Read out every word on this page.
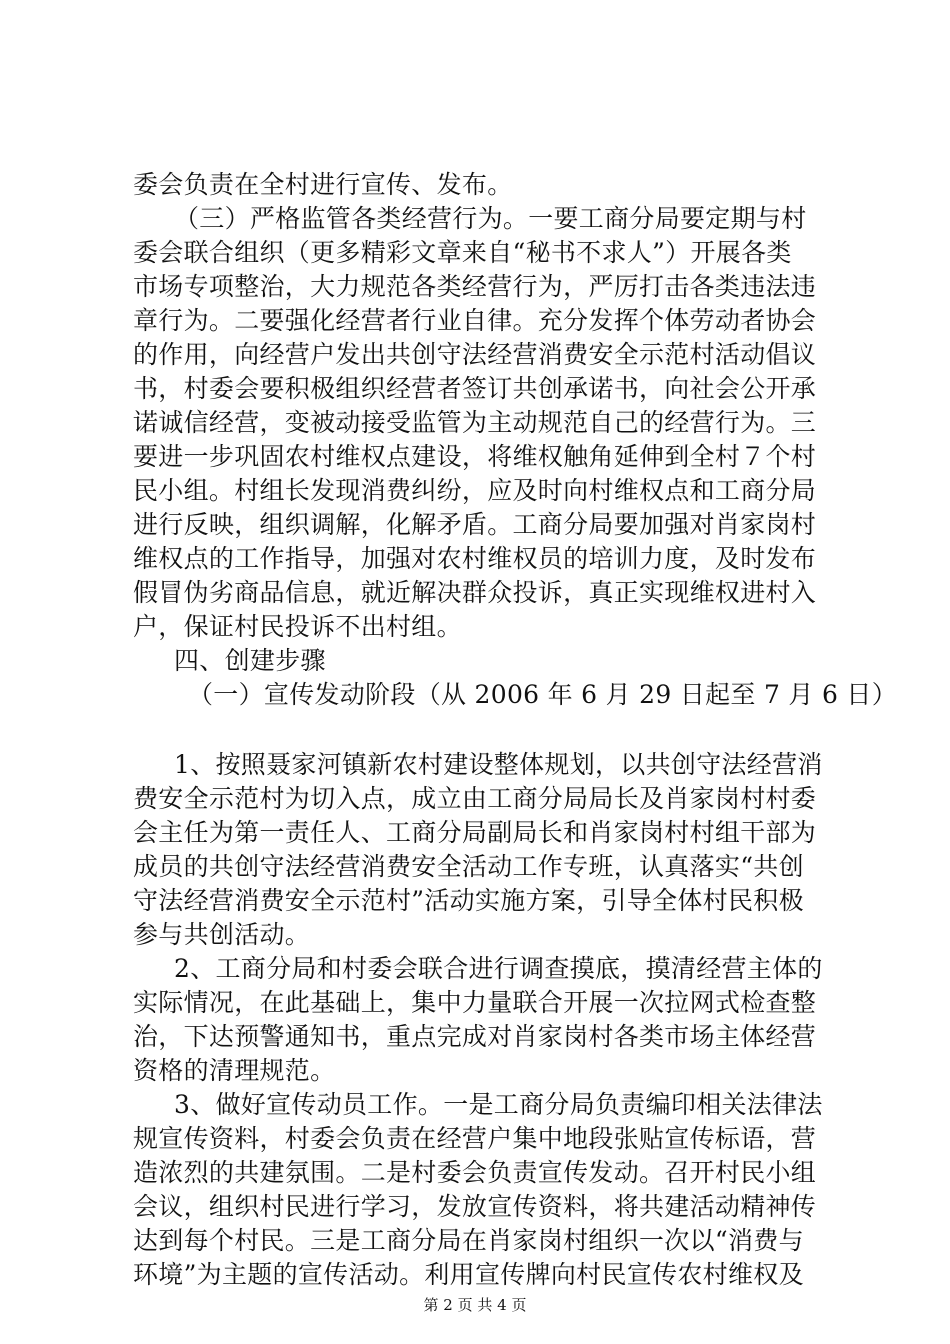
委会负责在全村进行宣传、发布。
（三）严格监管各类经营行为。一要工商分局要定期与村
委会联合组织（更多精彩文章来自“秘书不求人”）开展各类
市场专项整治，大力规范各类经营行为，严厉打击各类违法违
章行为。二要强化经营者行业自律。充分发挥个体劳动者协会
的作用，向经营户发出共创守法经营消费安全示范村活动倡议
书，村委会要积极组织经营者签订共创承诺书，向社会公开承
诺诚信经营，变被动接受监管为主动规范自己的经营行为。三
要进一步巩固农村维权点建设，将维权触角延伸到全村７个村
民小组。村组长发现消费纠纷，应及时向村维权点和工商分局
进行反映，组织调解，化解矛盾。工商分局要加强对肖家岗村
维权点的工作指导，加强对农村维权员的培训力度，及时发布
假冒伪劣商品信息，就近解决群众投诉，真正实现维权进村入
户，保证村民投诉不出村组。
四、创建步骤
（一）宣传发动阶段（从 2006 年 6 月 29 日起至 7 月 6 日）
1、按照聂家河镇新农村建设整体规划，以共创守法经营消
费安全示范村为切入点，成立由工商分局局长及肖家岗村村委
会主任为第一责任人、工商分局副局长和肖家岗村村组干部为
成员的共创守法经营消费安全活动工作专班，认真落实“共创
守法经营消费安全示范村”活动实施方案，引导全体村民积极
参与共创活动。
2、工商分局和村委会联合进行调查摸底，摸清经营主体的
实际情况，在此基础上，集中力量联合开展一次拉网式检查整
治，下达预警通知书，重点完成对肖家岗村各类市场主体经营
资格的清理规范。
3、做好宣传动员工作。一是工商分局负责编印相关法律法
规宣传资料，村委会负责在经营户集中地段张贴宣传标语，营
造浓烈的共建氛围。二是村委会负责宣传发动。召开村民小组
会议，组织村民进行学习，发放宣传资料，将共建活动精神传
达到每个村民。三是工商分局在肖家岗村组织一次以“消费与
环境”为主题的宣传活动。利用宣传牌向村民宣传农村维权及
第 2 页 共 4 页
